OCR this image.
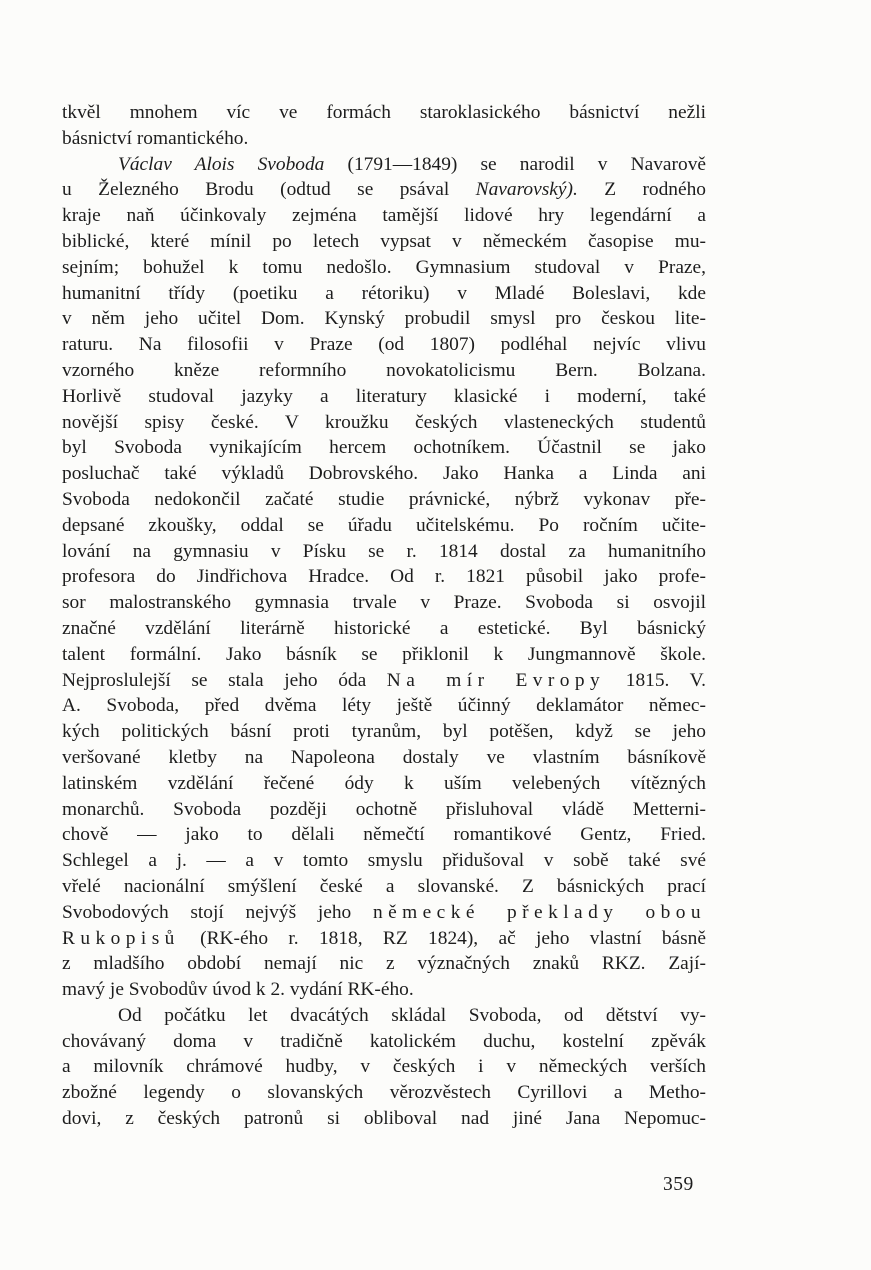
tkvěl mnohem víc ve formách staroklasického básnictví nežli
básnictví romantického.

Václav Alois Svoboda (1791—1849) se narodil v Navarově
u Železného Brodu (odtud se psával Navarovský). Z rodného
kraje naň účinkovaly zejména tamější lidové hry legendární a
biblické, které mínil po letech vypsat v německém časopise mu-
sejním; bohužel k tomu nedošlo. Gymnasium studoval v Praze,
humanitní třídy (poetiku a rétoriku) v Mladé Boleslavi, kde
v něm jeho učitel Dom. Kynský probudil smysl pro českou lite-
raturu. Na filosofii v Praze (od 1807) podléhal nejvíc vlivu
vzorného kněze reformního novokatolicismu Bern. Bolzana.
Horlivě studoval jazyky a literatury klasické i moderní, také
novější spisy české. V kroužku českých vlasteneckých studentů
byl Svoboda vynikajícím hercem ochotníkem. Účastnil se jako
posluchač také výkladů Dobrovského. Jako Hanka a Linda ani
Svoboda nedokončil začaté studie právnické, nýbrž vykonav pře-
depsané zkoušky, oddal se úřadu učitelskému. Po ročním učite-
lování na gymnasiu v Písku se r. 1814 dostal za humanitního
profesora do Jindřichova Hradce. Od r. 1821 působil jako profe-
sor malostranského gymnasia trvale v Praze. Svoboda si osvojil
značné vzdělání literárně historické a estetické. Byl básnický
talent formální. Jako básník se přiklonil k Jungmannově škole.
Nejproslulejší se stala jeho óda Na mír Evropy 1815. V.
A. Svoboda, před dvěma léty ještě účinný deklamátor němec-
kých politických básní proti tyranům, byl potěšen, když se jeho
veršované kletby na Napoleona dostaly ve vlastním básníkově
latinském vzdělání řečené ódy k uším velebených vítězných
monarchů. Svoboda později ochotně přisluhoval vládě Metterni-
chově — jako to dělali němečtí romantikové Gentz, Fried.
Schlegel a j. — a v tomto smyslu přidušoval v sobě také své
vřelé nacionální smýšlení české a slovanské. Z básnických prací
Svobodových stojí nejvýš jeho německé překlady obou
Rukopisů (RK-ého r. 1818, RZ 1824), ač jeho vlastní básně
z mladšího období nemají nic z význačných znaků RKZ. Zají-
mavý je Svobodův úvod k 2. vydání RK-ého.

Od počátku let dvacátých skládal Svoboda, od dětství vy-
chovávaný doma v tradičně katolickém duchu, kostelní zpěvák
a milovník chrámové hudby, v českých i v německých verších
zbožné legendy o slovanských věrozvěstech Cyrillovi a Metho-
dovi, z českých patronů si obliboval nad jiné Jana Nepomuc-

359
